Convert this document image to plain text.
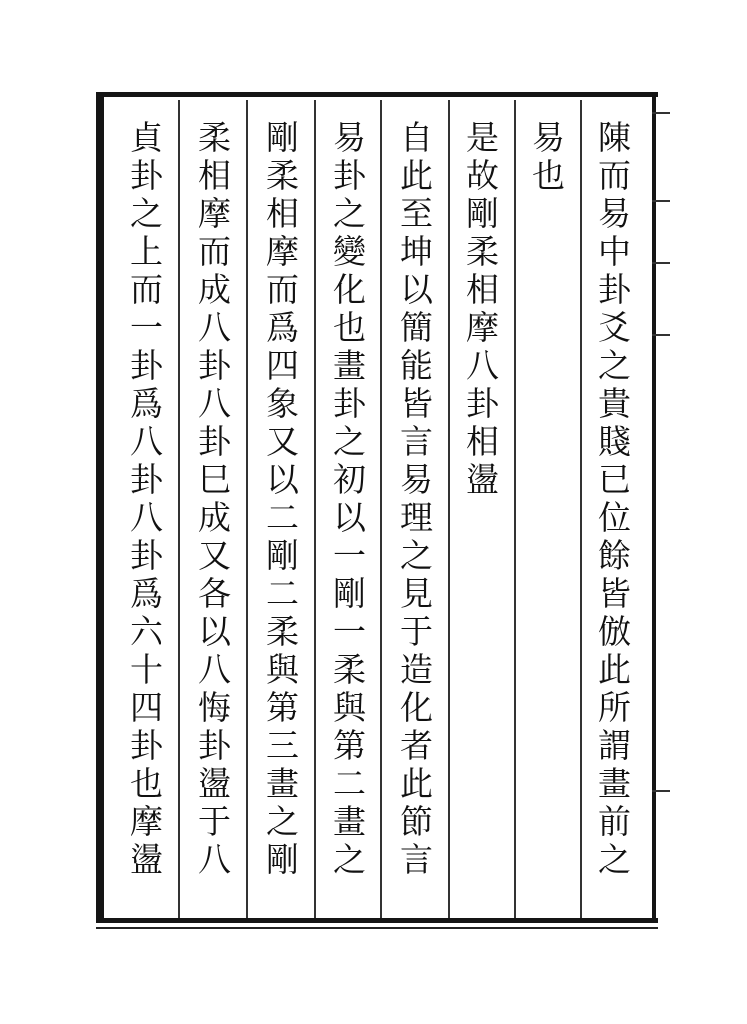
陳而易中卦爻之貴賤已位餘皆倣此所謂畫前之
易也
是故剛柔相摩八卦相盪
自此至坤以簡能皆言易理之見于造化者此節言
易卦之變化也畫卦之初以一剛一柔與第二畫之
剛柔相摩而爲四象又以二剛二柔與第三畫之剛
柔相摩而成八卦八卦巳成又各以八悔卦盪于八
貞卦之上而一卦爲八卦八卦爲六十四卦也摩盪
